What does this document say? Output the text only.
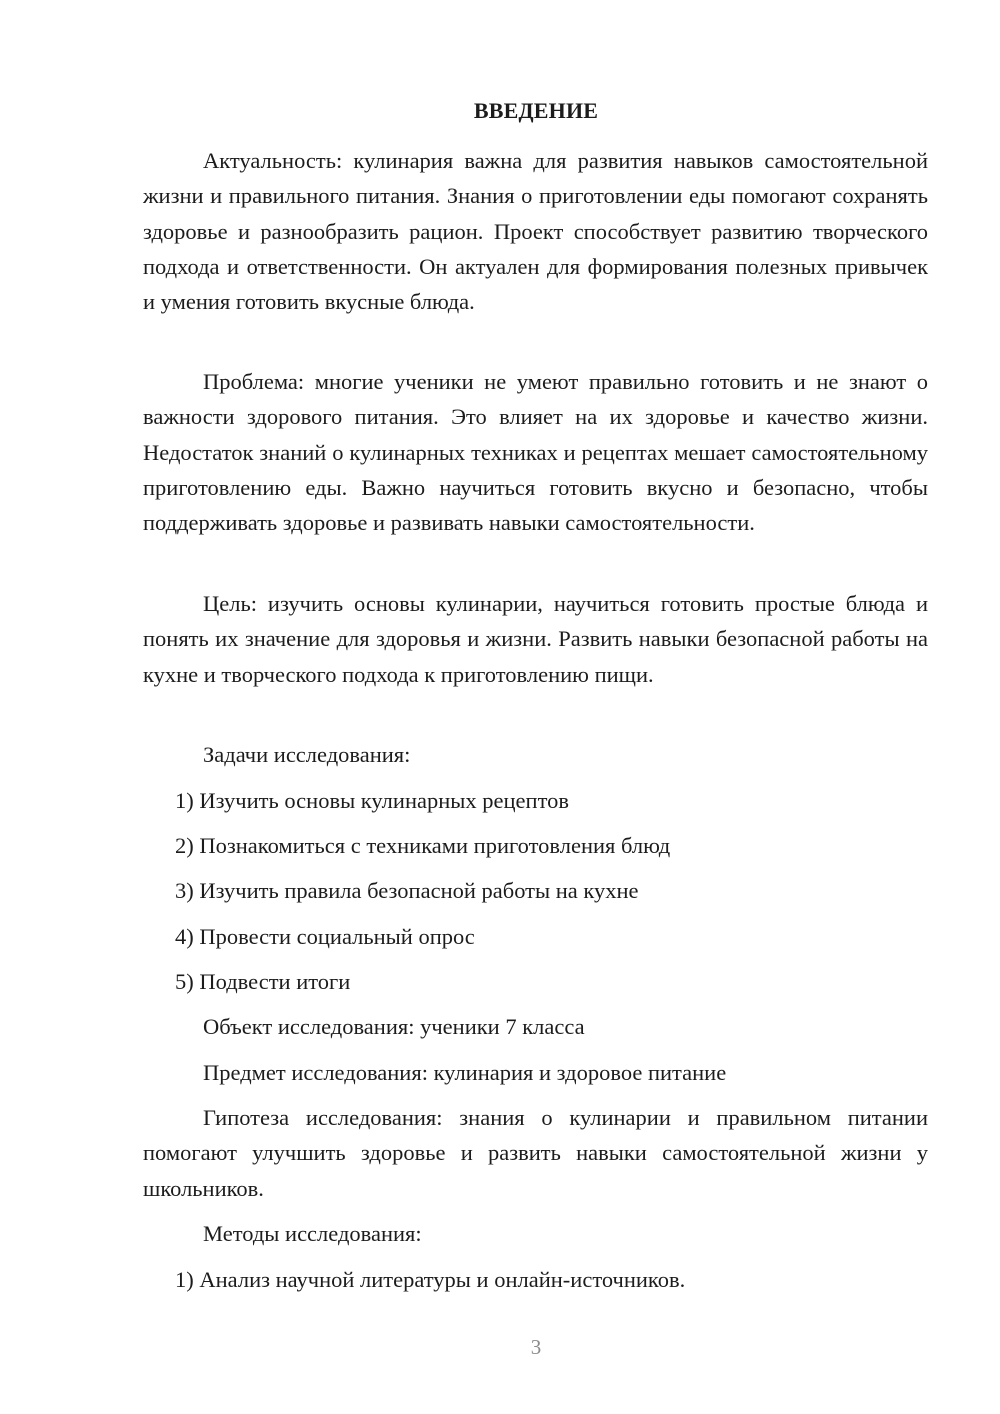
ВВЕДЕНИЕ

Актуальность: кулинария важна для развития навыков самостоятельной жизни и правильного питания. Знания о приготовлении еды помогают сохранять здоровье и разнообразить рацион. Проект способствует развитию творческого подхода и ответственности. Он актуален для формирования полезных привычек и умения готовить вкусные блюда.

Проблема: многие ученики не умеют правильно готовить и не знают о важности здорового питания. Это влияет на их здоровье и качество жизни. Недостаток знаний о кулинарных техниках и рецептах мешает самостоятельному приготовлению еды. Важно научиться готовить вкусно и безопасно, чтобы поддерживать здоровье и развивать навыки самостоятельности.

Цель: изучить основы кулинарии, научиться готовить простые блюда и понять их значение для здоровья и жизни. Развить навыки безопасной работы на кухне и творческого подхода к приготовлению пищи.

Задачи исследования:

1) Изучить основы кулинарных рецептов

2) Познакомиться с техниками приготовления блюд

3) Изучить правила безопасной работы на кухне

4) Провести социальный опрос

5) Подвести итоги

Объект исследования: ученики 7 класса

Предмет исследования: кулинария и здоровое питание

Гипотеза исследования: знания о кулинарии и правильном питании помогают улучшить здоровье и развить навыки самостоятельной жизни у школьников.

Методы исследования:

1) Анализ научной литературы и онлайн-источников.

3
